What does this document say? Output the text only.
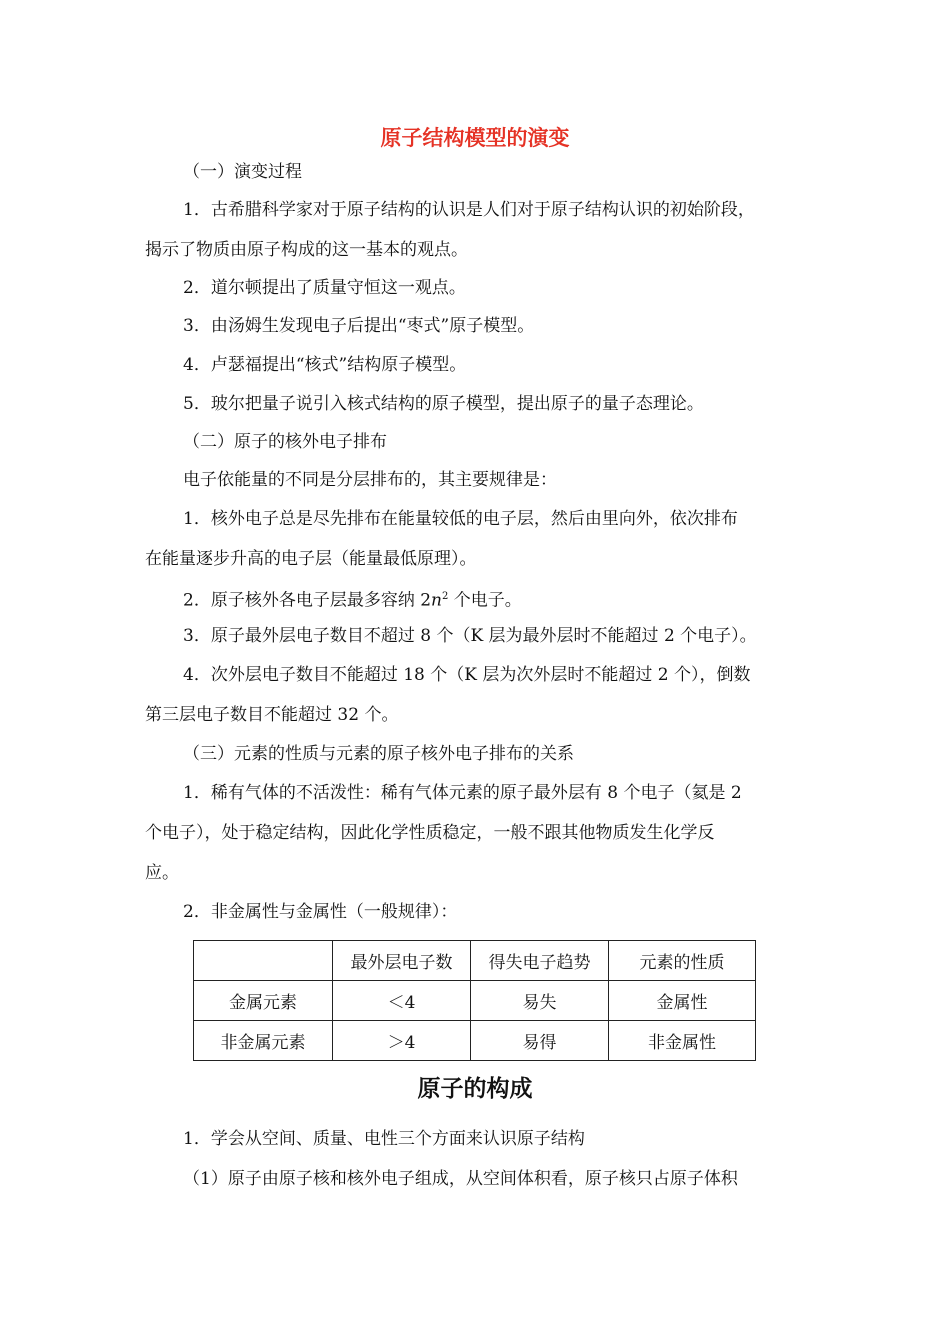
原子结构模型的演变
（一）演变过程
1．古希腊科学家对于原子结构的认识是人们对于原子结构认识的初始阶段，
揭示了物质由原子构成的这一基本的观点。
2．道尔顿提出了质量守恒这一观点。
3．由汤姆生发现电子后提出“枣式”原子模型。
4．卢瑟福提出“核式”结构原子模型。
5．玻尔把量子说引入核式结构的原子模型，提出原子的量子态理论。
（二）原子的核外电子排布
电子依能量的不同是分层排布的，其主要规律是：
1．核外电子总是尽先排布在能量较低的电子层，然后由里向外，依次排布
在能量逐步升高的电子层（能量最低原理）。
2．原子核外各电子层最多容纳 $2n^2$ 个电子。
3．原子最外层电子数目不超过 8 个（K 层为最外层时不能超过 2 个电子）。
4．次外层电子数目不能超过 18 个（K 层为次外层时不能超过 2 个），倒数
第三层电子数目不能超过 32 个。
（三）元素的性质与元素的原子核外电子排布的关系
1．稀有气体的不活泼性：稀有气体元素的原子最外层有 8 个电子（氦是 2
个电子），处于稳定结构，因此化学性质稳定，一般不跟其他物质发生化学反
应。
2．非金属性与金属性（一般规律）：
	最外层电子数	得失电子趋势	元素的性质
金属元素	＜4	易失	金属性
非金属元素	＞4	易得	非金属性
原子的构成
1．学会从空间、质量、电性三个方面来认识原子结构
（1）原子由原子核和核外电子组成，从空间体积看，原子核只占原子体积
